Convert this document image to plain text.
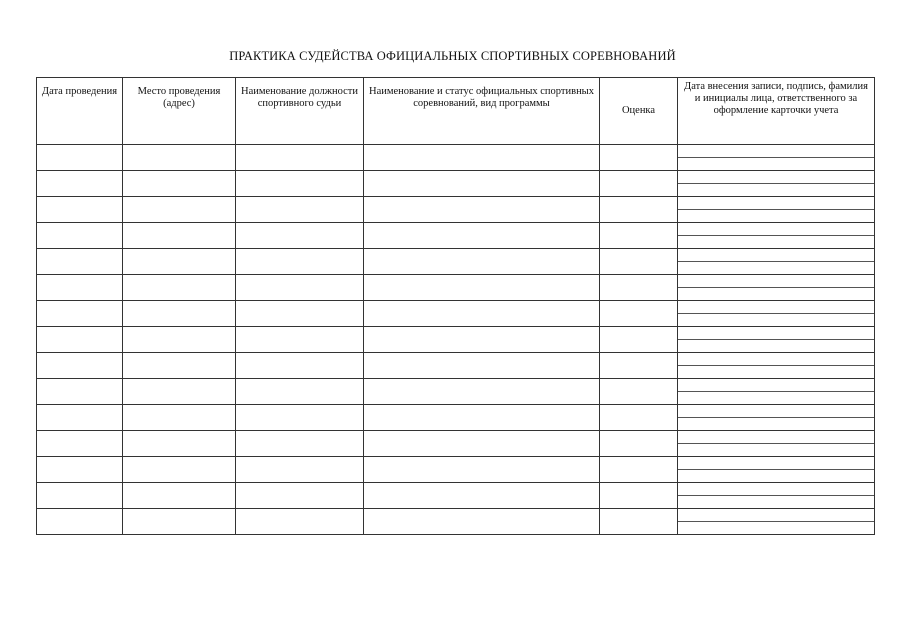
ПРАКТИКА СУДЕЙСТВА ОФИЦИАЛЬНЫХ СПОРТИВНЫХ СОРЕВНОВАНИЙ
Дата проведения	Место проведения (адрес)	Наименование должности спортивного судьи	Наименование и статус официальных спортивных соревнований, вид программы	Оценка	Дата внесения записи, подпись, фамилия и инициалы лица, ответственного за оформление карточки учета
